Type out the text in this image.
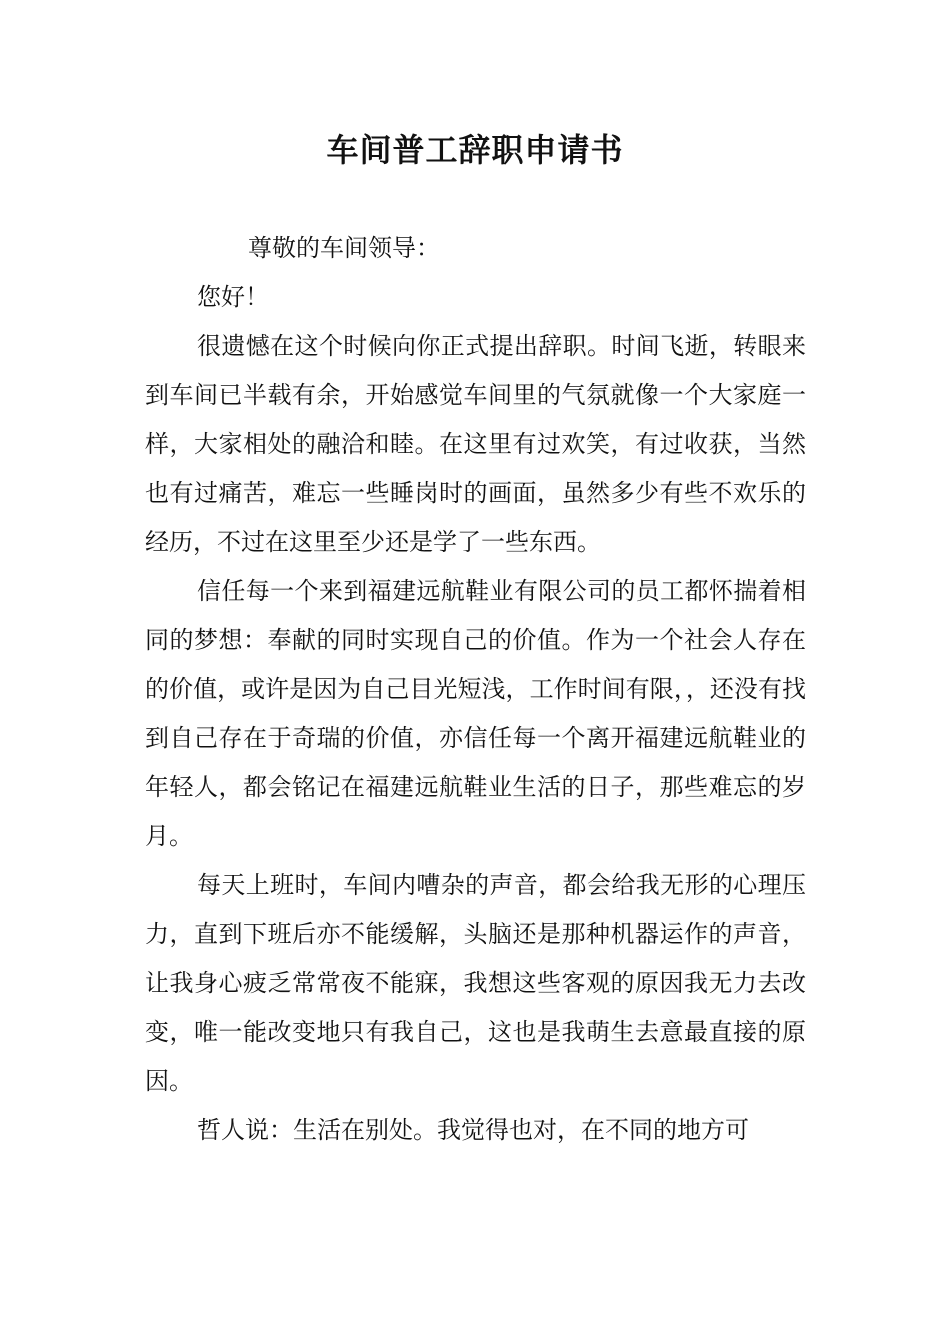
车间普工辞职申请书

尊敬的车间领导：

您好！

很遗憾在这个时候向你正式提出辞职。时间飞逝，转眼来到车间已半载有余，开始感觉车间里的气氛就像一个大家庭一样，大家相处的融洽和睦。在这里有过欢笑，有过收获，当然也有过痛苦，难忘一些睡岗时的画面，虽然多少有些不欢乐的经历，不过在这里至少还是学了一些东西。

信任每一个来到福建远航鞋业有限公司的员工都怀揣着相同的梦想：奉献的同时实现自己的价值。作为一个社会人存在的价值，或许是因为自己目光短浅，工作时间有限，，还没有找到自己存在于奇瑞的价值，亦信任每一个离开福建远航鞋业的年轻人，都会铭记在福建远航鞋业生活的日子，那些难忘的岁月。

每天上班时，车间内嘈杂的声音，都会给我无形的心理压力，直到下班后亦不能缓解，头脑还是那种机器运作的声音，让我身心疲乏常常夜不能寐，我想这些客观的原因我无力去改变，唯一能改变地只有我自己，这也是我萌生去意最直接的原因。

哲人说：生活在别处。我觉得也对，在不同的地方可
